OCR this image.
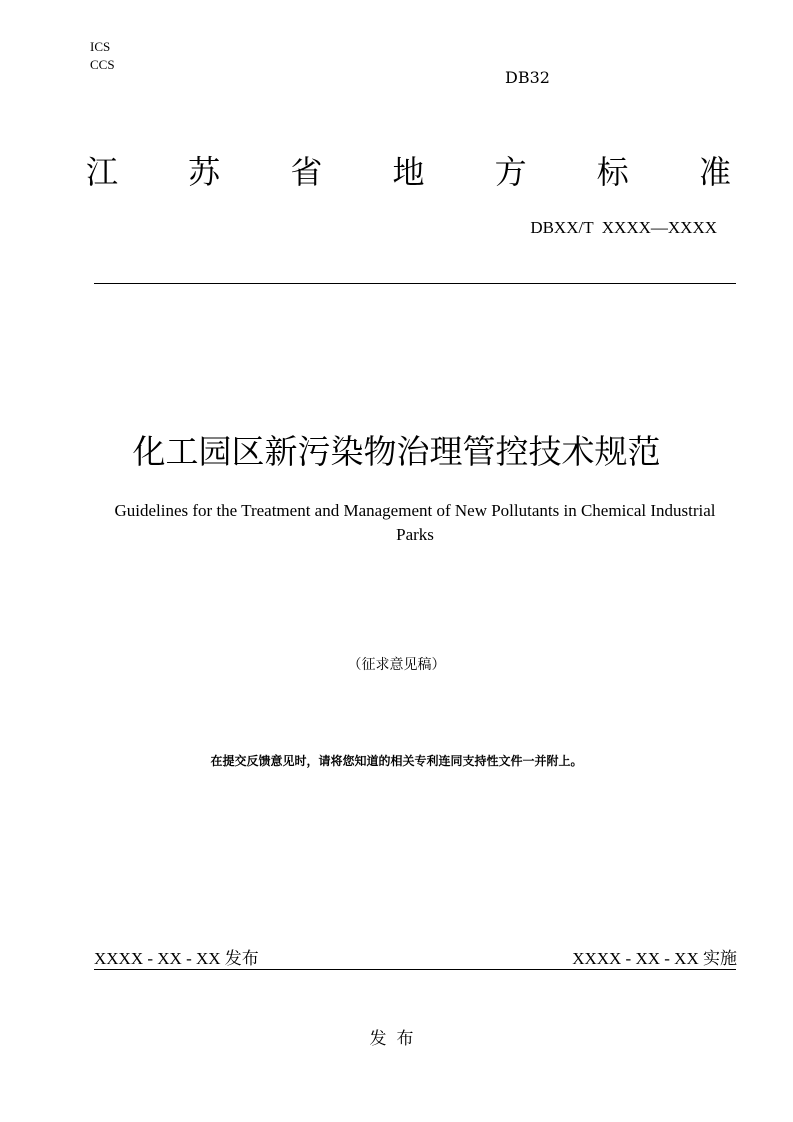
ICS
CCS
DB 32
江 苏 省 地 方 标 准
DBXX/T  XXXX—XXXX
化工园区新污染物治理管控技术规范
Guidelines for the Treatment and Management of New Pollutants in Chemical Industrial Parks
（征求意见稿）
在提交反馈意见时，请将您知道的相关专利连同支持性文件一并附上。
XXXX - XX - XX 发布	XXXX - XX - XX 实施
发布
